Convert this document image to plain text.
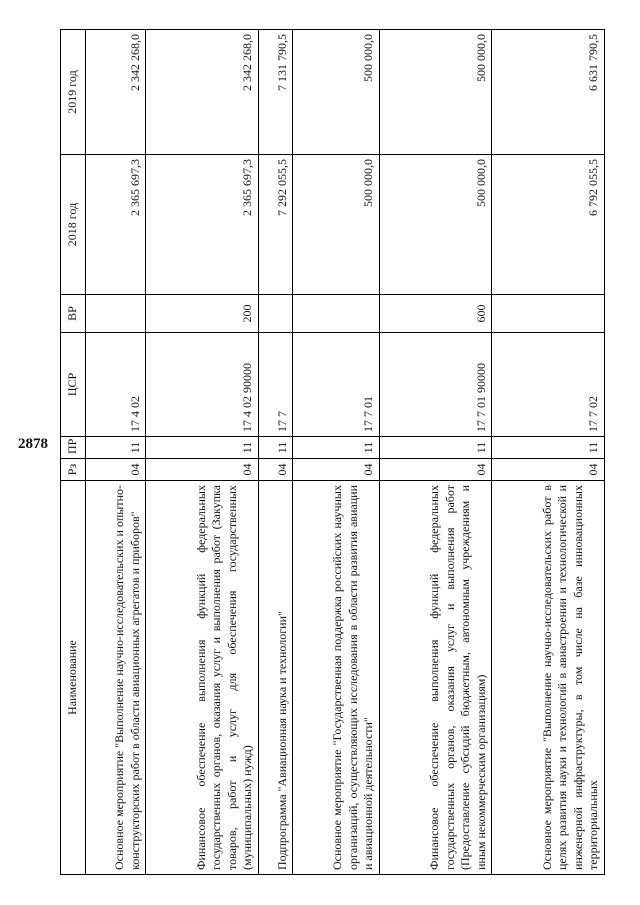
2878
Наименование	Рз	ПР	ЦСР	ВР	2018 год	2019 год
Основное мероприятие "Выполнение научно-исследовательских и опытно-конструкторских работ в области авиационных агрегатов и приборов"	04	11	17 4 02		2 365 697,3	2 342 268,0
Финансовое обеспечение выполнения функций федеральных государственных органов, оказания услуг и выполнения работ (Закупка товаров, работ и услуг для обеспечения государственных (муниципальных) нужд)	04	11	17 4 02 90000	200	2 365 697,3	2 342 268,0
Подпрограмма "Авиационная наука и технологии"	04	11	17 7		7 292 055,5	7 131 790,5
Основное мероприятие "Государственная поддержка российских научных организаций, осуществляющих исследования в области развития авиации и авиационной деятельности"	04	11	17 7 01		500 000,0	500 000,0
Финансовое обеспечение выполнения функций федеральных государственных органов, оказания услуг и выполнения работ (Предоставление субсидий бюджетным, автономным учреждениям и иным некоммерческим организациям)	04	11	17 7 01 90000	600	500 000,0	500 000,0
Основное мероприятие "Выполнение научно-исследовательских работ в целях развития науки и технологий в авиастроении и технологической и инженерной инфраструктуры, в том числе на базе инновационных территориальных	04	11	17 7 02		6 792 055,5	6 631 790,5
